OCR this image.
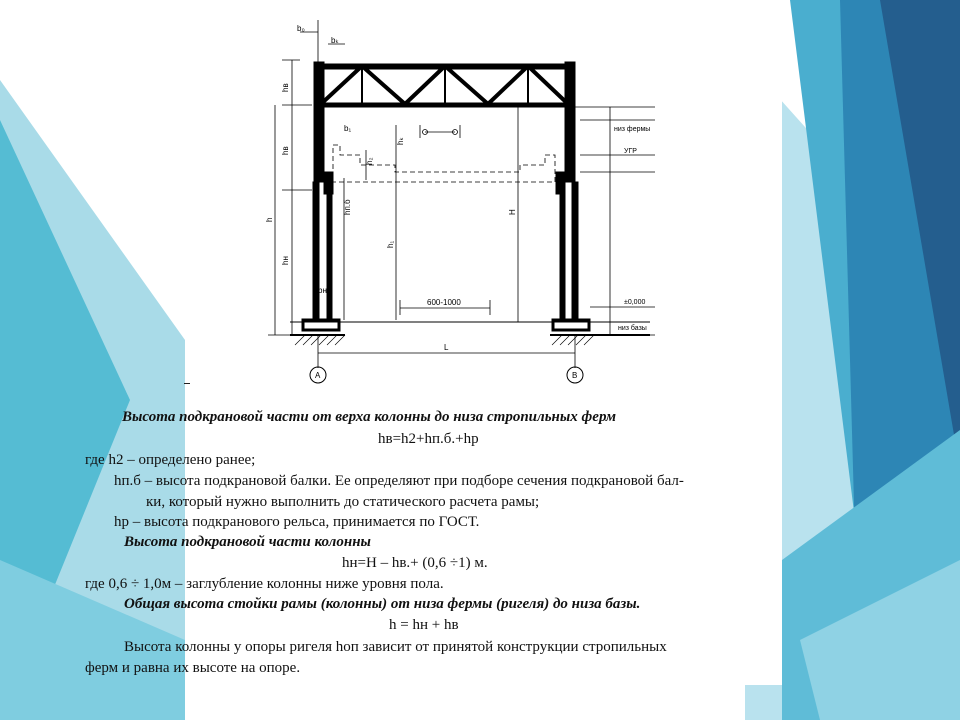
b₀
bₖ
hв
hв
h
hн
b₁
h₂
hₖ
hп.б
h₁
H
bн
600-1000
L
А	В
низ фермы
УГР
±0,000
низ базы
Высота подкрановой части от верха колонны до низа стропильных ферм
hв=h2+hп.б.+hр
где h2 – определено ранее;
hп.б – высота подкрановой балки. Ее определяют при подборе сечения подкрановой бал-
ки, который нужно выполнить до статического расчета рамы;
hр – высота подкранового рельса, принимается по ГОСТ.
Высота подкрановой части колонны
hн=H – hв.+ (0,6 ÷1) м.
где 0,6 ÷ 1,0м – заглубление колонны ниже уровня пола.
Общая высота стойки рамы (колонны) от низа фермы (ригеля) до низа базы.
h = hн + hв
Высота колонны у опоры ригеля hоп зависит от принятой конструкции стропильных
ферм и равна их высоте на опоре.
